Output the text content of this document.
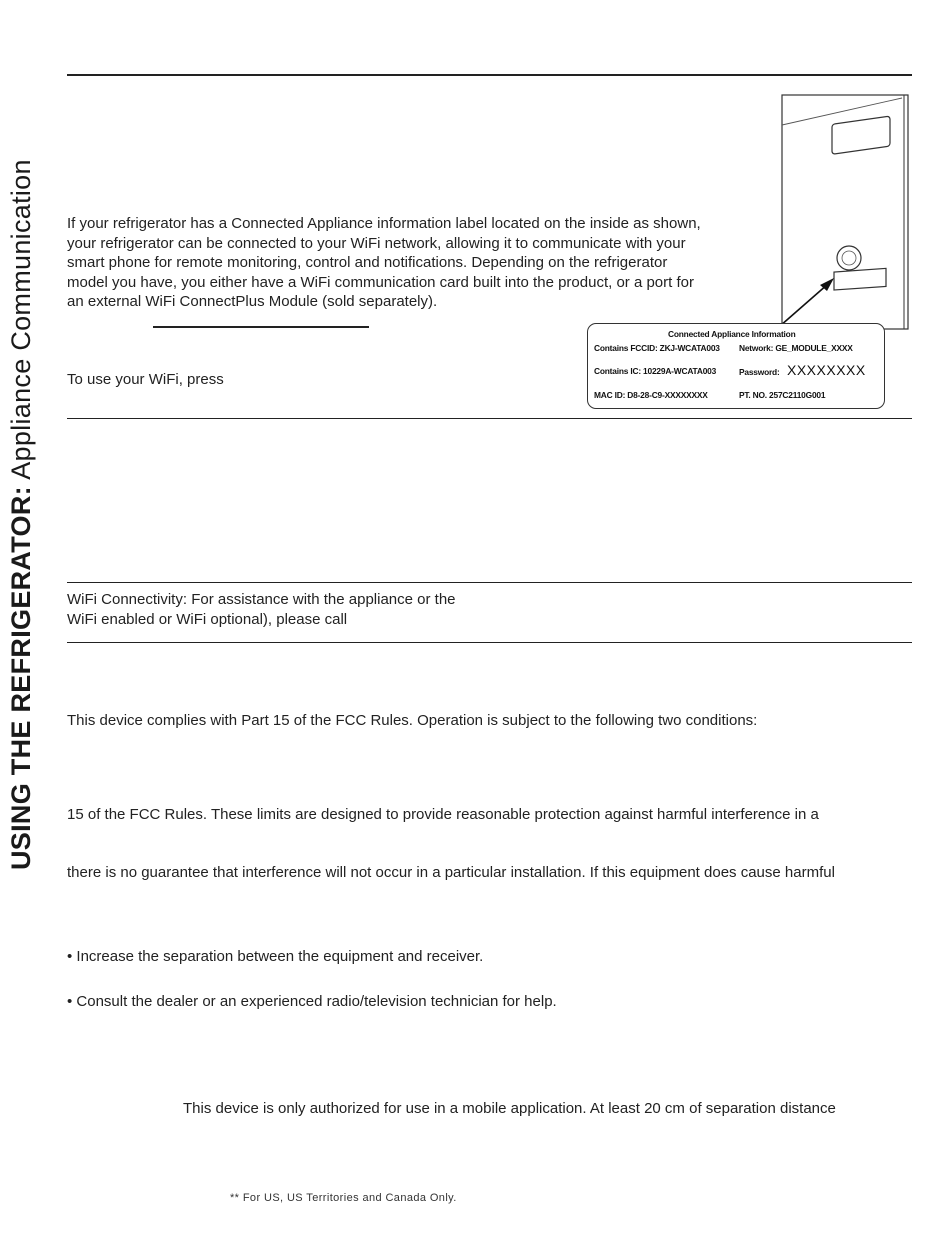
USING THE REFRIGERATOR: Appliance Communication	If your refrigerator has a Connected Appliance information label located on the inside as shown,
your refrigerator can be connected to your WiFi network, allowing it to communicate with your
smart phone for remote monitoring, control and notifications. Depending on the refrigerator
model you have, you either have a WiFi communication card built into the product, or a port for
an external WiFi ConnectPlus Module (sold separately).
To use your WiFi, press
Connected Appliance Information
Contains FCCID: ZKJ-WCATA003 Network: GE_MODULE_XXXX
Contains IC: 10229A-WCATA003	Password: XXXXXXXX
MAC ID: D8-28-C9-XXXXXXXX	PT. NO. 257C2110G001
WiFi Connectivity: For assistance with the appliance or the
WiFi enabled or WiFi optional), please call
This device complies with Part 15 of the FCC Rules. Operation is subject to the following two conditions:
15 of the FCC Rules. These limits are designed to provide reasonable protection against harmful interference in a
there is no guarantee that interference will not occur in a particular installation. If this equipment does cause harmful
• Increase the separation between the equipment and receiver.
• Consult the dealer or an experienced radio/television technician for help.
This device is only authorized for use in a mobile application. At least 20 cm of separation distance
** For US, US Territories and Canada Only.
